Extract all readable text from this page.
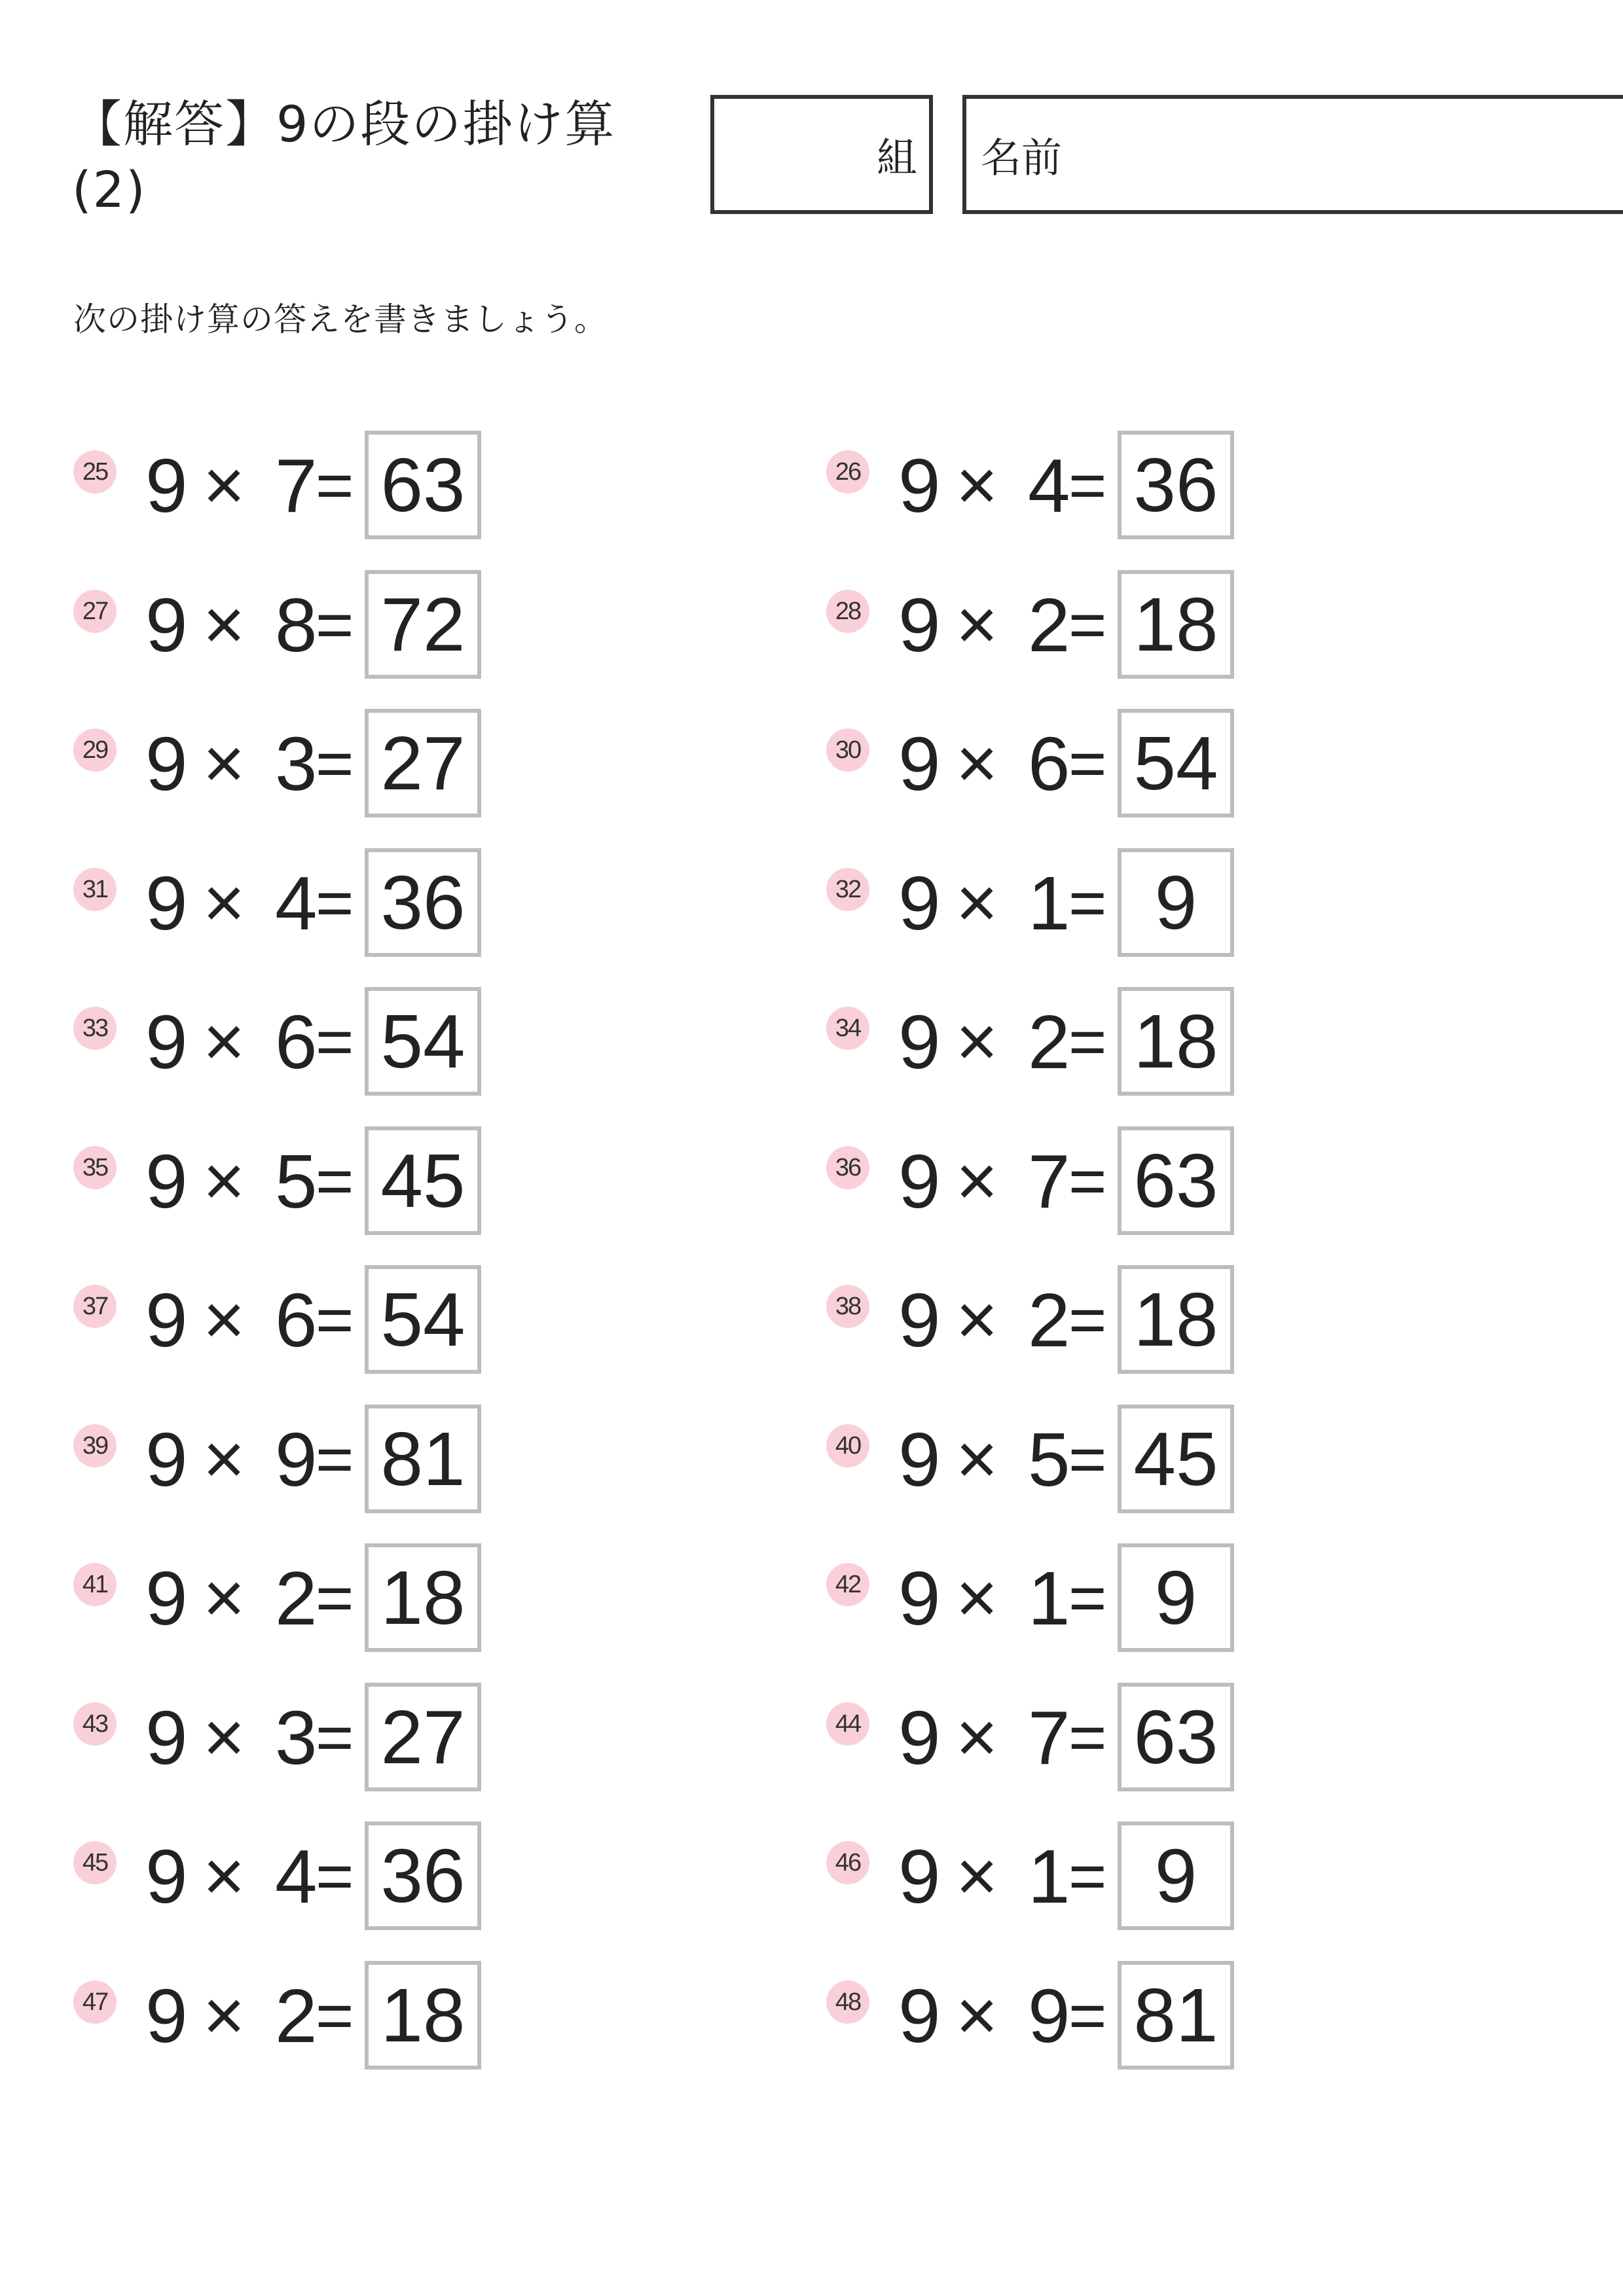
【解答】9の段の掛け算
(2)
組 名前
次の掛け算の答えを書きましょう。
25 9 × 7
= 63	26 9 × 4
= 36
27 9 × 8
= 72	28 9 × 2
= 18
29 9 × 3
= 27	30 9 × 6
= 54
31 9 × 4
= 36	32 9 × 1
= 9
33 9 × 6
= 54	34 9 × 2
= 18
35 9 × 5
= 45	36 9 × 7
= 63
37 9 × 6
= 54	38 9 × 2
= 18
39 9 × 9
= 81	40 9 × 5
= 45
41 9 × 2
= 18	42 9 × 1
= 9
43 9 × 3
= 27	44 9 × 7
= 63
45 9 × 4
= 36	46 9 × 1
= 9
47 9 × 2
= 18	48 9 × 9
= 81
